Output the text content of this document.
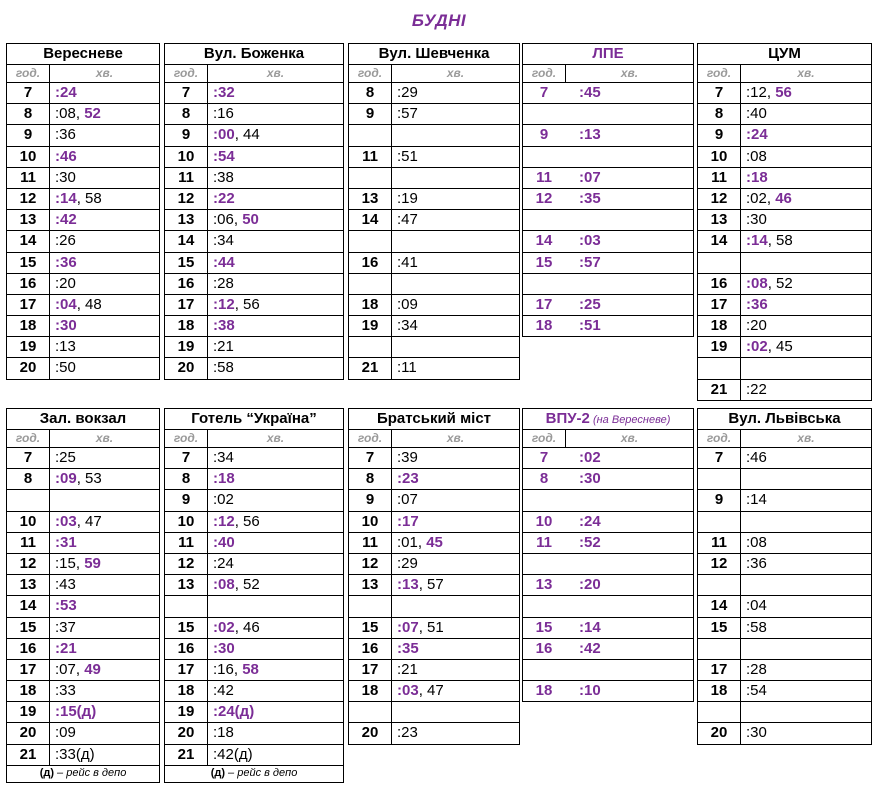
БУДНІ
Вересневе
год.	хв.
7	:24
8	:08, 52
9	:36
10	:46
11	:30
12	:14, 58
13	:42
14	:26
15	:36
16	:20
17	:04, 48
18	:30
19	:13
20	:50
Вул. Боженка
год.	хв.
7	:32
8	:16
9	:00, 44
10	:54
11	:38
12	:22
13	:06, 50
14	:34
15	:44
16	:28
17	:12, 56
18	:38
19	:21
20	:58
Вул. Шевченка
год.	хв.
8	:29
9	:57
11	:51
13	:19
14	:47
16	:41
18	:09
19	:34
21	:11
ЛПЕ
год.	хв.
7	:45
9	:13
11	:07
12	:35
14	:03
15	:57
17	:25
18	:51
ЦУМ
год.	хв.
7	:12, 56
8	:40
9	:24
10	:08
11	:18
12	:02, 46
13	:30
14	:14, 58
16	:08, 52
17	:36
18	:20
19	:02, 45
21	:22
Зал. вокзал
год.	хв.
7	:25
8	:09, 53
10	:03, 47
11	:31
12	:15, 59
13	:43
14	:53
15	:37
16	:21
17	:07, 49
18	:33
19	:15(д)
20	:09
21	:33(д)
(д) – рейс в депо
Готель “Україна”
год.	хв.
7	:34
8	:18
9	:02
10	:12, 56
11	:40
12	:24
13	:08, 52
15	:02, 46
16	:30
17	:16, 58
18	:42
19	:24(д)
20	:18
21	:42(д)
(д) – рейс в депо
Братський міст
год.	хв.
7	:39
8	:23
9	:07
10	:17
11	:01, 45
12	:29
13	:13, 57
15	:07, 51
16	:35
17	:21
18	:03, 47
20	:23
ВПУ-2 (на Вересневе)
год.	хв.
7	:02
8	:30
10	:24
11	:52
13	:20
15	:14
16	:42
18	:10
Вул. Львівська
год.	хв.
7	:46
9	:14
11	:08
12	:36
14	:04
15	:58
17	:28
18	:54
20	:30
